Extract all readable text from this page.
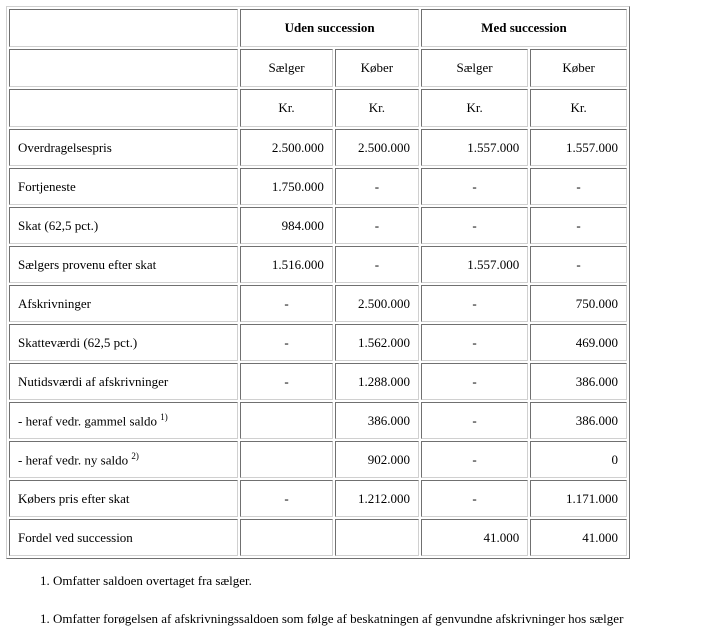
	Uden succession		Med succession	
	Sælger	Køber	Sælger	Køber
	Kr.	Kr.	Kr.	Kr.
Overdragelsespris	2.500.000	2.500.000	1.557.000	1.557.000
Fortjeneste	1.750.000	-	-	-
Skat (62,5 pct.)	984.000	-	-	-
Sælgers provenu efter skat	1.516.000	-	1.557.000	-
Afskrivninger	-	2.500.000	-	750.000
Skatteværdi (62,5 pct.)	-	1.562.000	-	469.000
Nutidsværdi af afskrivninger	-	1.288.000	-	386.000
- heraf vedr. gammel saldo $^{1)}$		386.000	-	386.000
- heraf vedr. ny saldo $^{2)}$		902.000	-	0
Købers pris efter skat	-	1.212.000	-	1.171.000
Fordel ved succession			41.000	41.000
1. Omfatter saldoen overtaget fra sælger.
1. Omfatter forøgelsen af afskrivningssaldoen som følge af beskatningen af genvundne afskrivninger hos sælger
